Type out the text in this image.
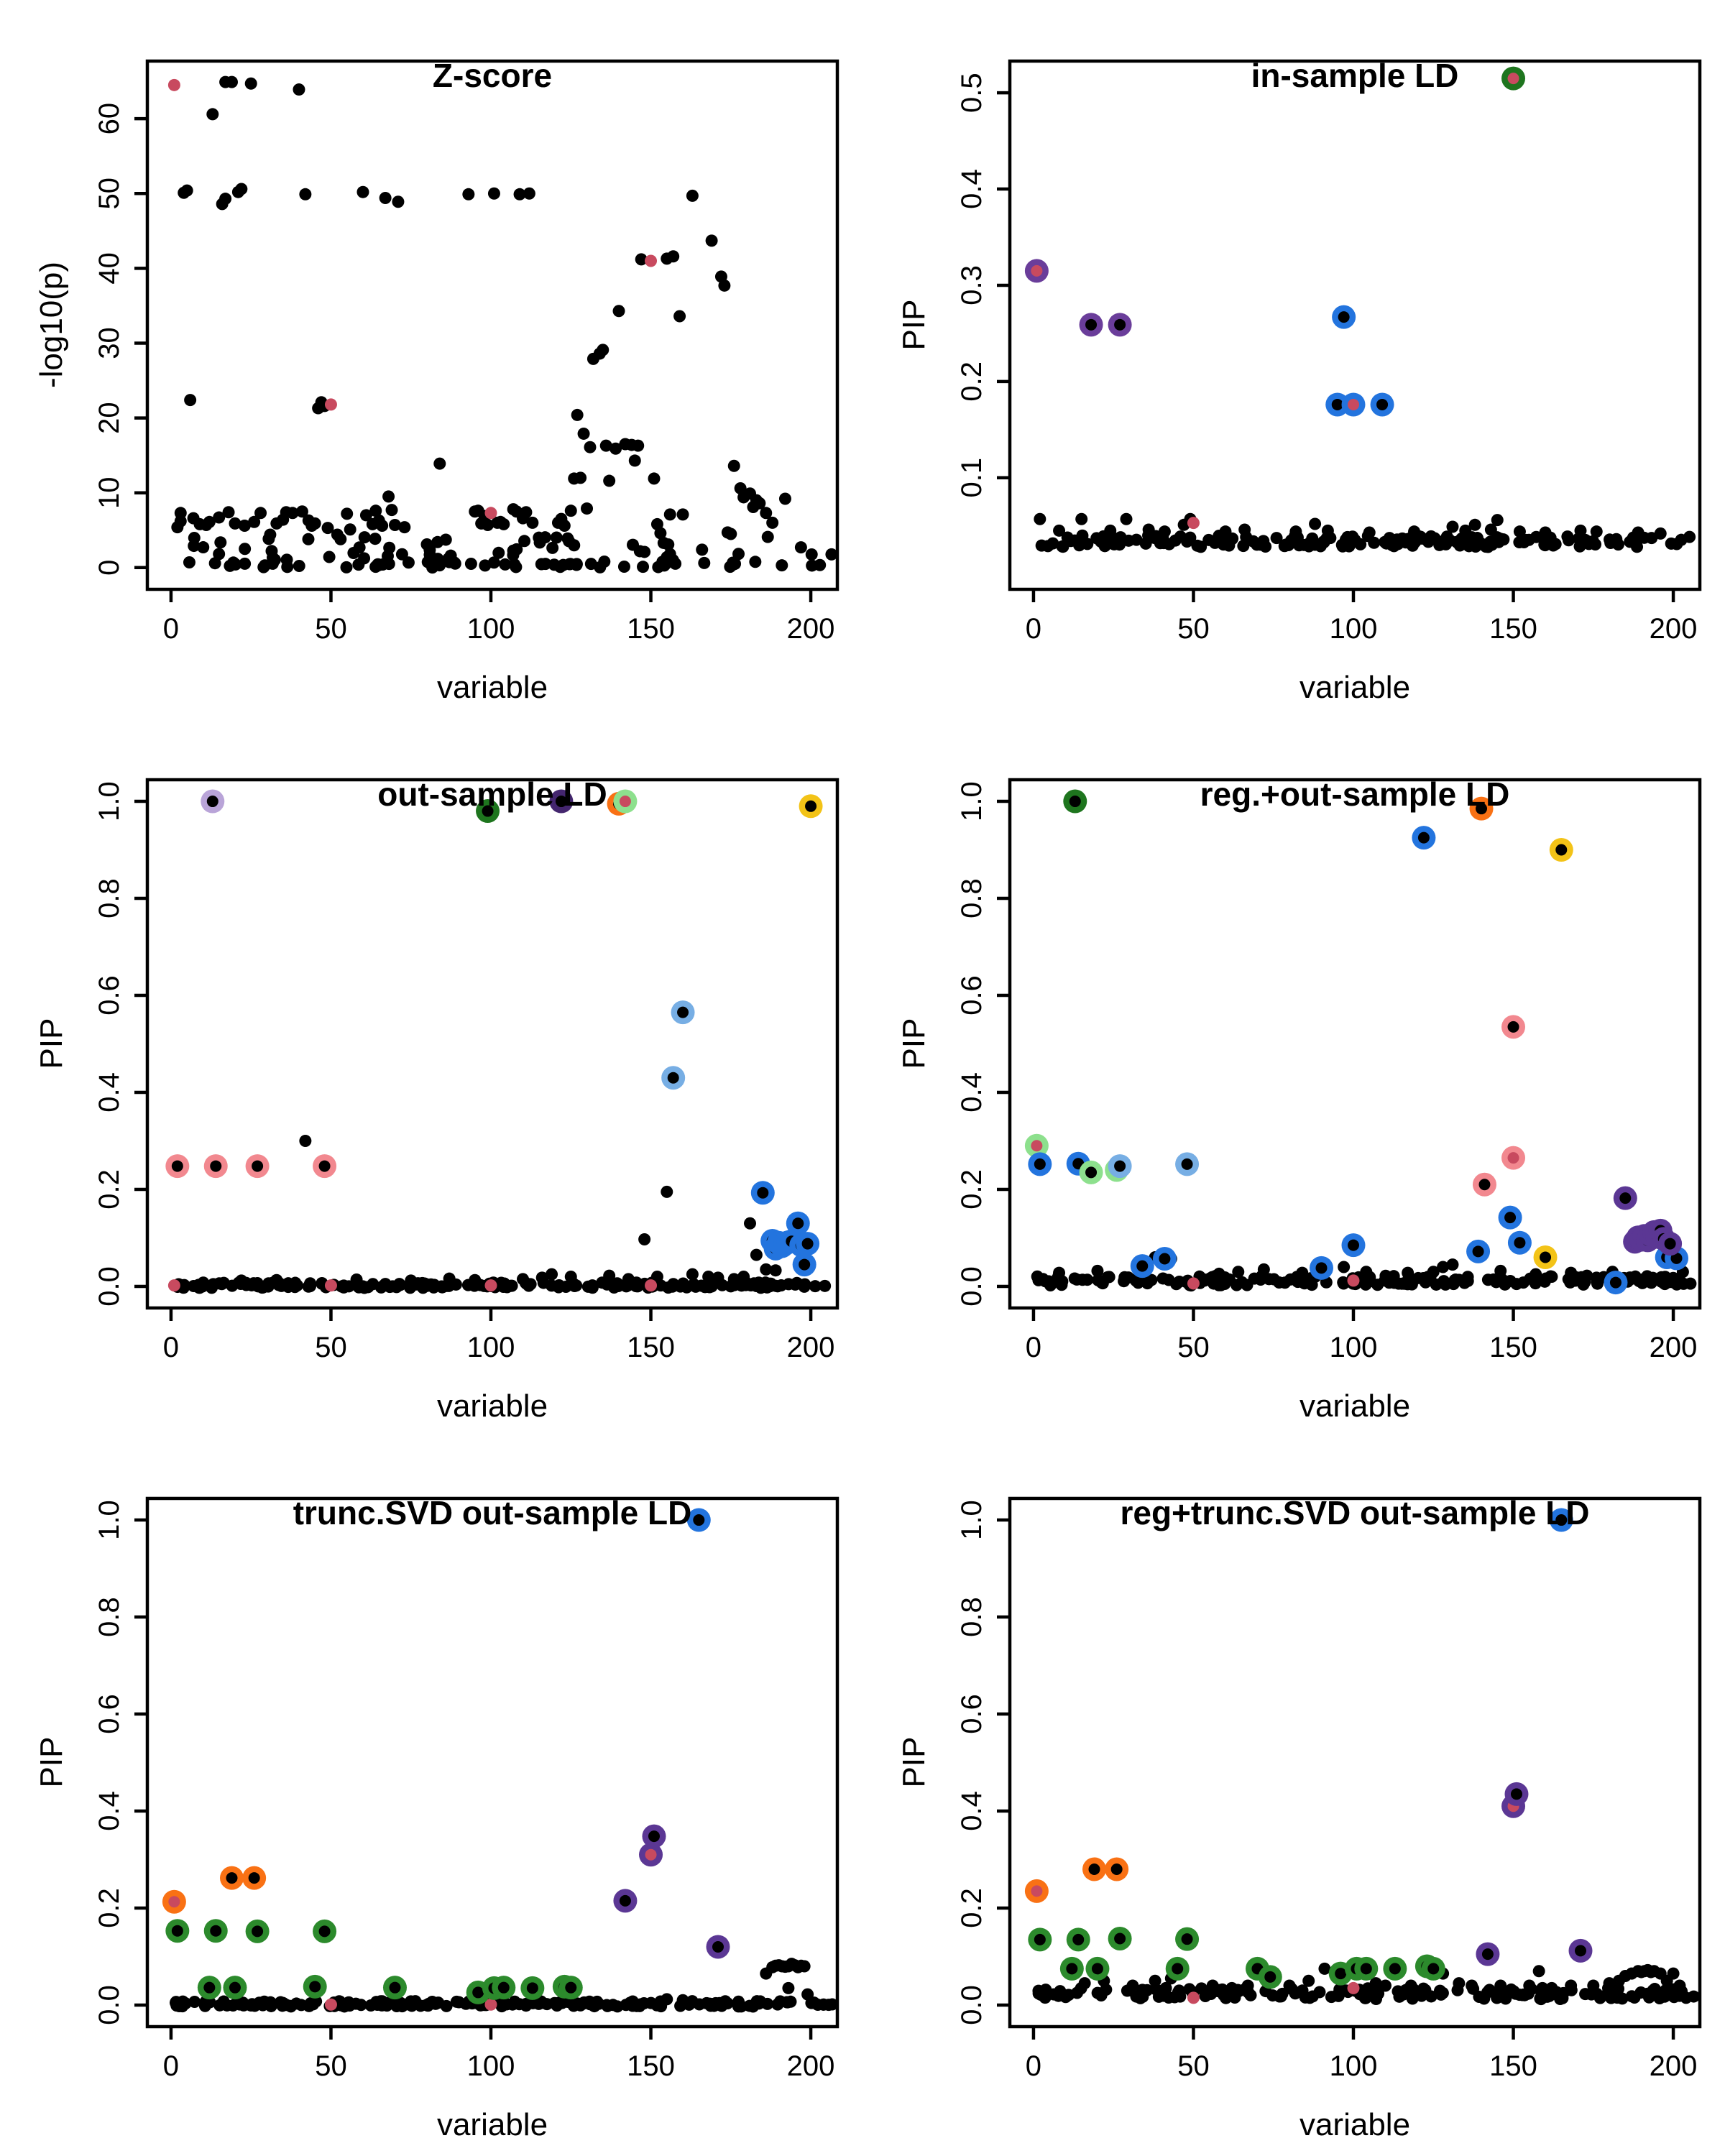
0	50	100	150	200
0
10
20
30
40
50
60
Z-score
-log10(p)
variable
0	50	100	150	200
0.1
0.2
0.3
0.4
0.5	in-sample LD
PIP
variable
0	50	100	150	200
0.0
0.2
0.4
0.6
0.8
1.0	out-sample LD
PIP
variable
0	50	100	150	200
0.0
0.2
0.4
0.6
0.8
1.0	reg.+out-sample LD
PIP
variable
0	50	100	150	200
0.0
0.2
0.4
0.6
0.8
1.0	trunc.SVD out-sample LD
PIP
variable
0	50	100	150	200
0.0
0.2
0.4
0.6
0.8
1.0	reg+trunc.SVD out-sample LD
PIP
variable
